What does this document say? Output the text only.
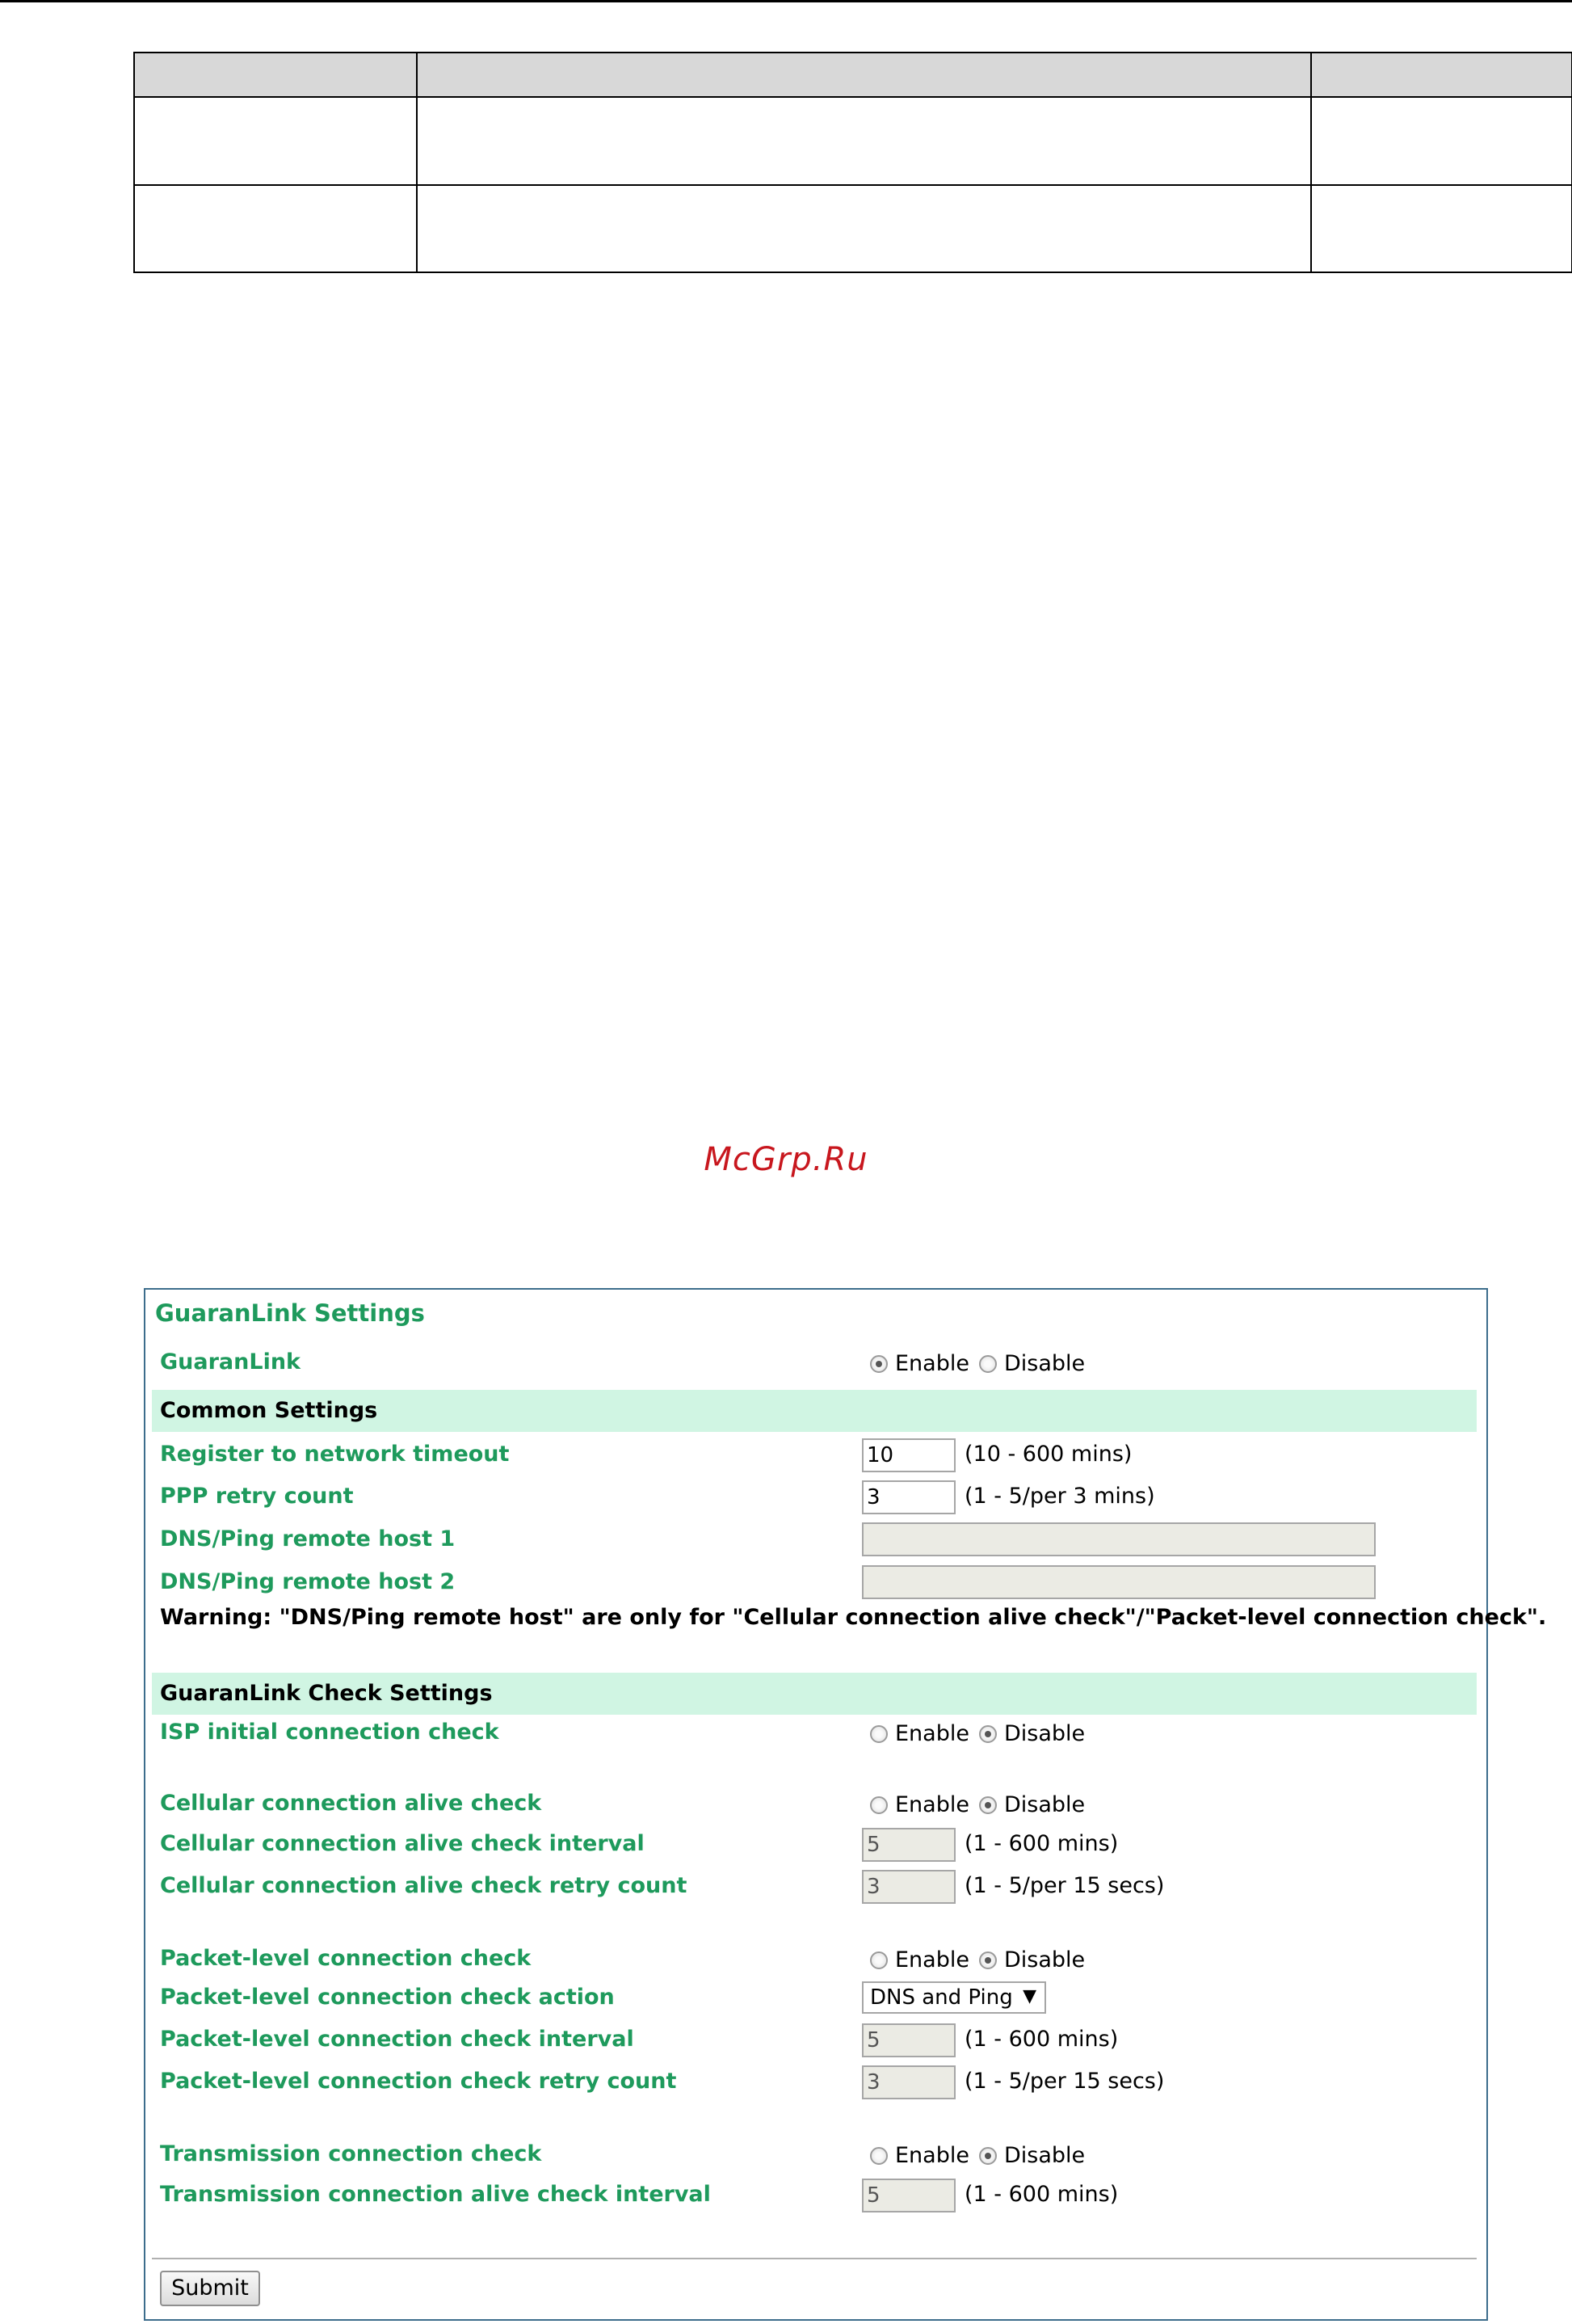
McGrp.Ru
GuaranLink Settings
GuaranLink	Enable Disable
Common Settings
Register to network timeout	10	(10 - 600 mins)
PPP retry count	3	(1 - 5/per 3 mins)
DNS/Ping remote host 1
DNS/Ping remote host 2
Warning: "DNS/Ping remote host" are only for "Cellular connection alive check"/"Packet-level connection check".
GuaranLink Check Settings
ISP initial connection check	Enable Disable
Cellular connection alive check	Enable Disable
Cellular connection alive check interval	5	(1 - 600 mins)
Cellular connection alive check retry count	3	(1 - 5/per 15 secs)
Packet-level connection check	Enable Disable
Packet-level connection check action	DNS and Ping ▼
Packet-level connection check interval	5	(1 - 600 mins)
Packet-level connection check retry count	3	(1 - 5/per 15 secs)
Transmission connection check	Enable Disable
Transmission connection alive check interval	5	(1 - 600 mins)
Submit
